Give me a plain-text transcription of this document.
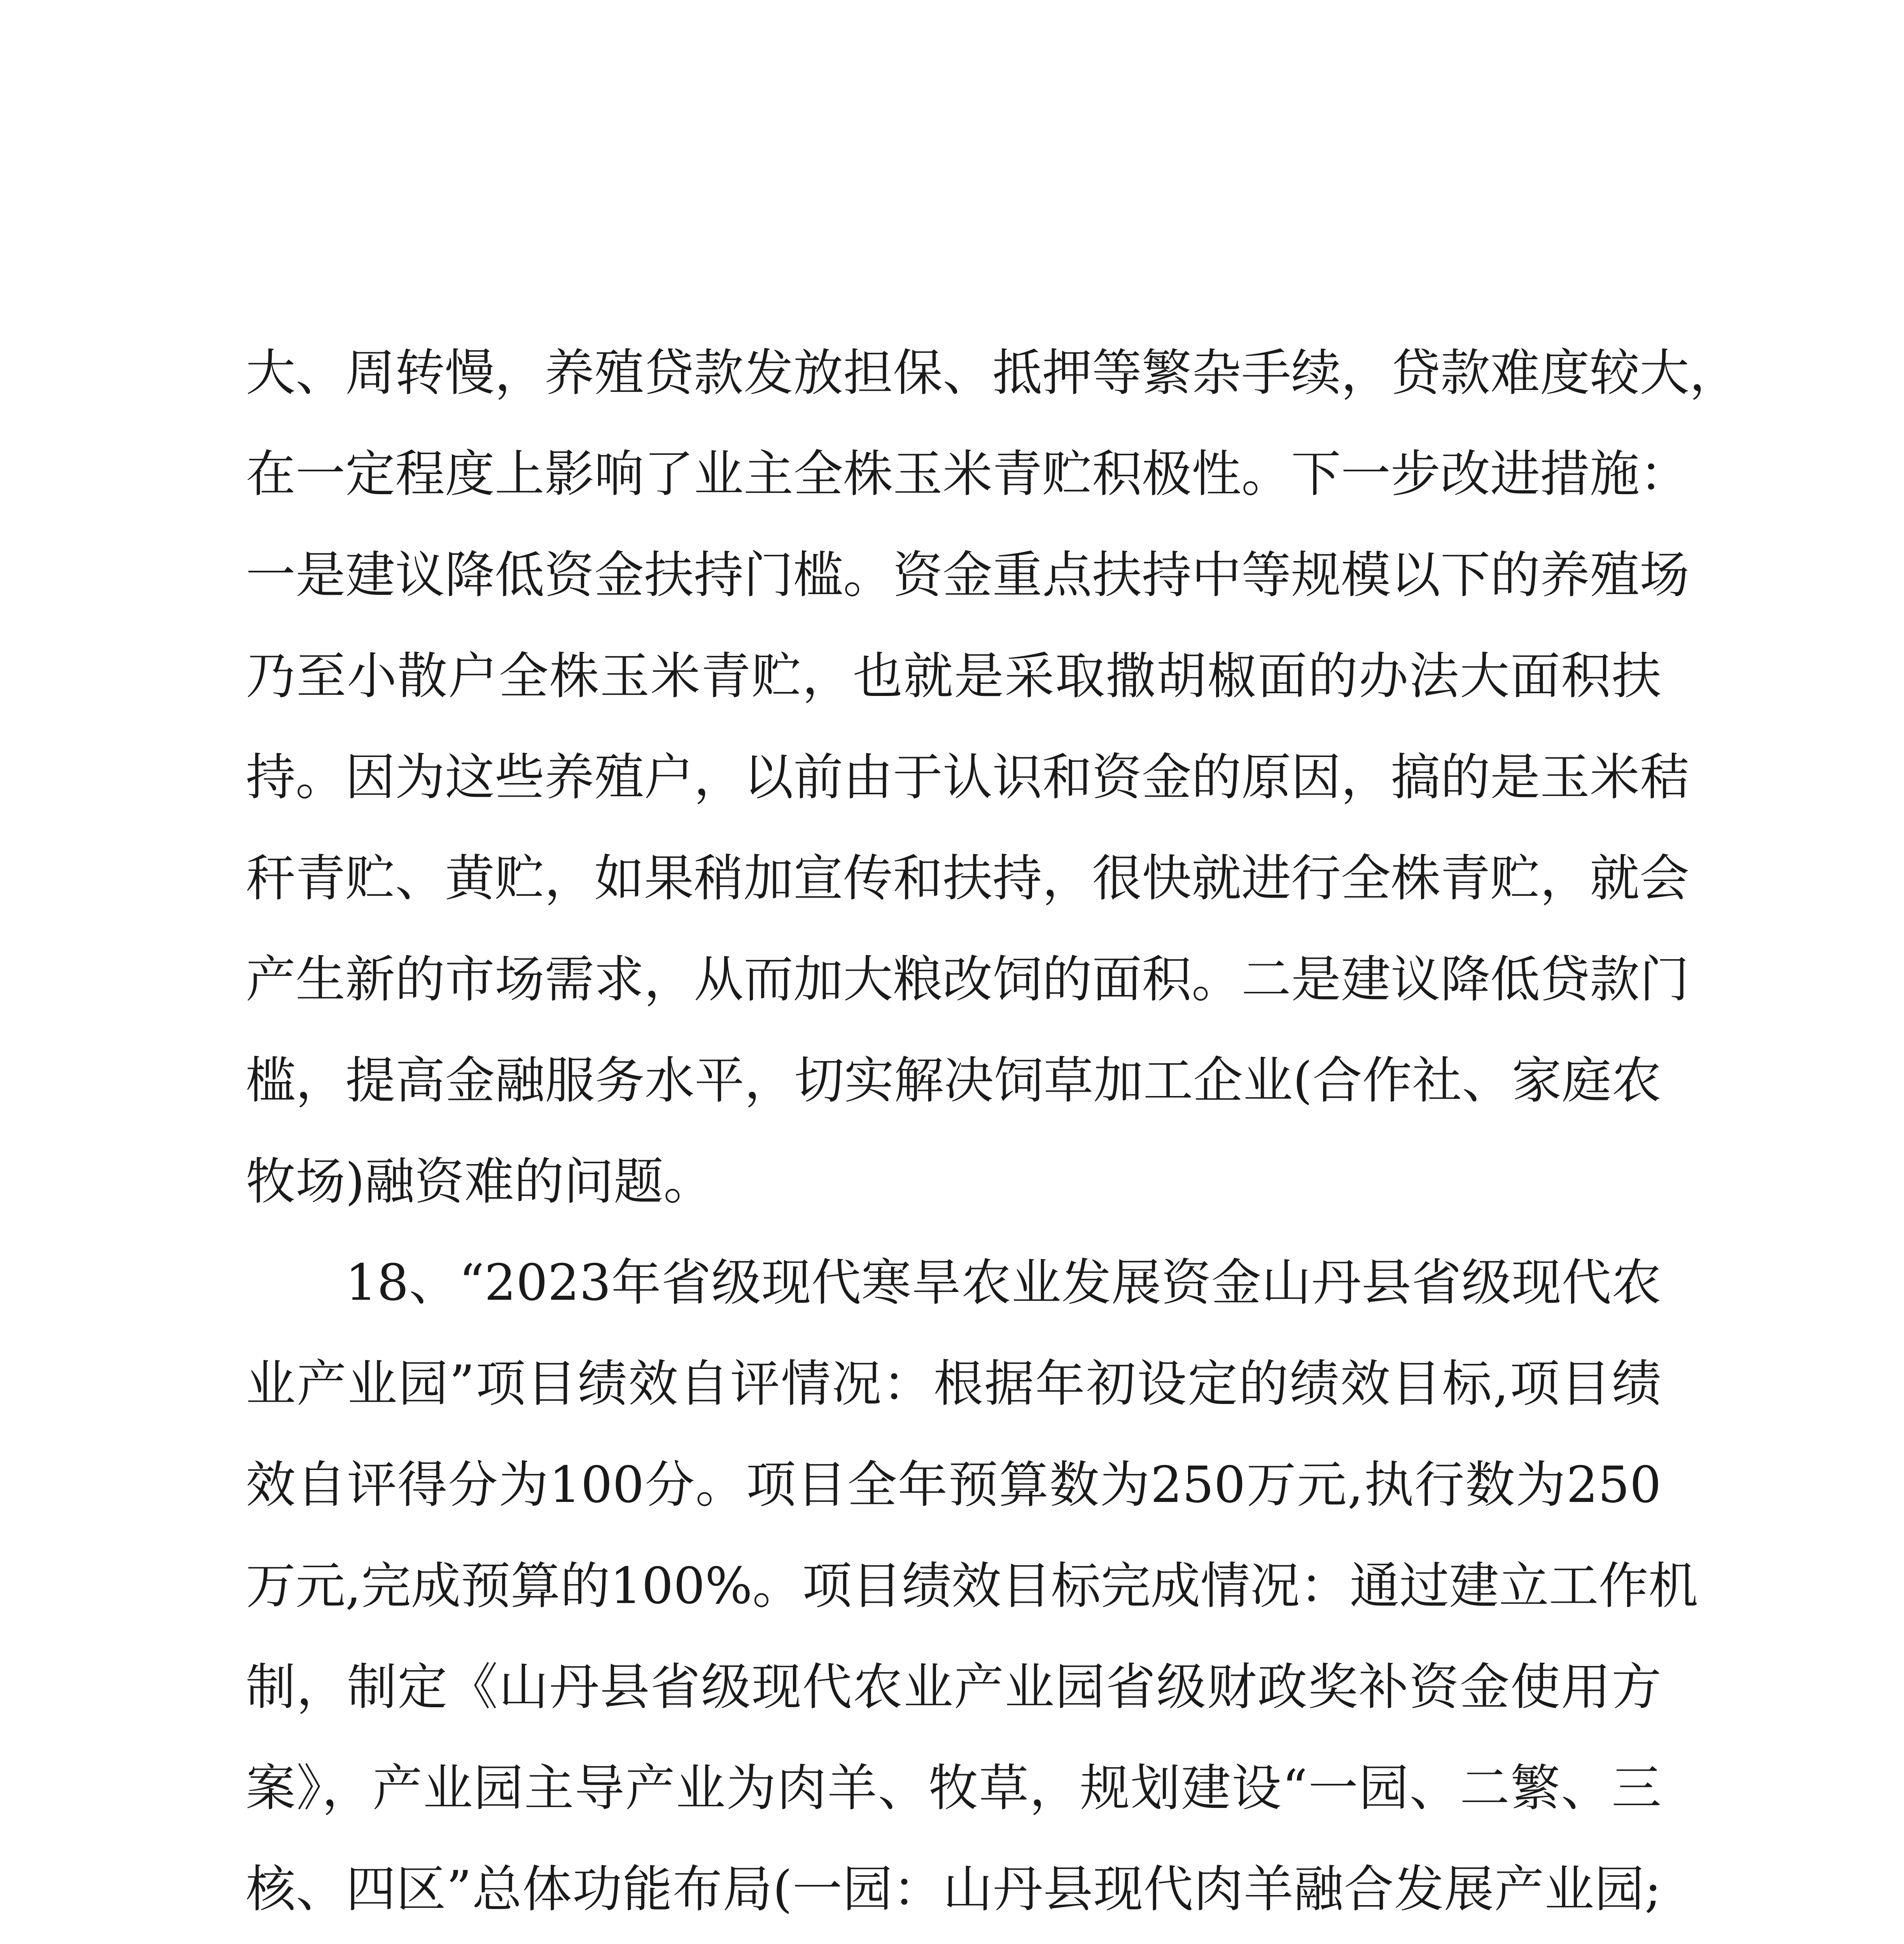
大、周转慢，养殖贷款发放担保、抵押等繁杂手续，贷款难度较大，
在一定程度上影响了业主全株玉米青贮积极性。下一步改进措施：
一是建议降低资金扶持门槛。资金重点扶持中等规模以下的养殖场
乃至小散户全株玉米青贮，也就是采取撒胡椒面的办法大面积扶
持。因为这些养殖户，以前由于认识和资金的原因，搞的是玉米秸
秆青贮、黄贮，如果稍加宣传和扶持，很快就进行全株青贮，就会
产生新的市场需求，从而加大粮改饲的面积。二是建议降低贷款门
槛，提高金融服务水平，切实解决饲草加工企业(合作社、家庭农
牧场)融资难的问题。
18、“2023年省级现代寒旱农业发展资金山丹县省级现代农
业产业园”项目绩效自评情况：根据年初设定的绩效目标,项目绩
效自评得分为100分。项目全年预算数为250万元,执行数为250
万元,完成预算的100%。项目绩效目标完成情况：通过建立工作机
制，制定《山丹县省级现代农业产业园省级财政奖补资金使用方
案》，产业园主导产业为肉羊、牧草，规划建设“一园、二繁、三
核、四区”总体功能布局(一园：山丹县现代肉羊融合发展产业园;
